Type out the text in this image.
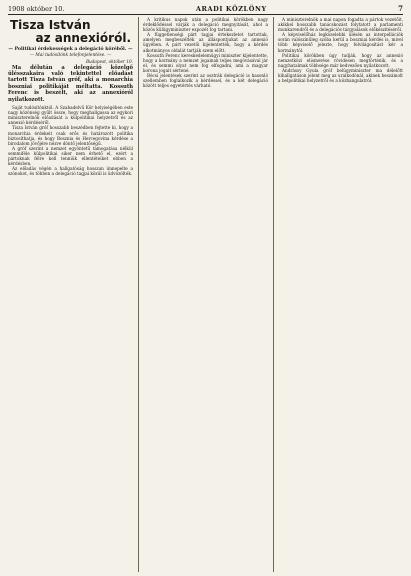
1908 október 10.	ARADI KÖZLÖNY	7
Tisza István
az annexióról.
— Politikai érdekességek a delegáció köréből. —
— Mai tudósítónk telefonjelentése. —
Budapest, október 10.

Ma délután a delegáció közelgő ülésszakaira való tekintettel előadást tartott Tisza István gróf, aki a monarchia boszniai politikáját méltatta. Kossuth Ferenc is beszélt, aki az annexióról nyilatkozott.

Saját tudósítónktól. A Szabadelvű Kör helyiségében este nagy közönség gyűlt össze, hogy meghallgassa az egykori miniszterelnök előadását a külpolitikai helyzetről és az annexió kérdéséről.

Tisza István gróf hosszabb beszédben fejtette ki, hogy a monarchia érdekeit csak erős és határozott politika biztosíthatja, és hogy Bosznia és Hercegovina kérdése a birodalom jövőjére nézve döntő jelentőségű.

A gróf szerint a nemzet egyöntetű támogatása nélkül semmiféle külpolitikai siker nem érhető el, ezért a pártoknak félre kell tenniük ellentéteiket ebben a kérdésben.

Az előadás végén a hallgatóság hosszan ünnepelte a szónokot, és többen a delegáció tagjai közül is üdvözölték.

A kritikus napok után a politikai körökben nagy érdeklődéssel várják a delegáció megnyitását, ahol a közös külügyminiszter expozét fog tartani.

A függetlenségi párt tagjai értekezletet tartottak, amelyen megbeszélték az álláspontjukat az annexió ügyében. A párt vezetői kijelentették, hogy a kérdés alkotmányos oldalát tartják szem előtt.

Kossuth Ferenc kereskedelemügyi miniszter kijelentette, hogy a kormány a nemzet jogainak teljes megóvásával jár el, és semmi olyat nem fog elfogadni, ami a magyar korona jogait sértené.

Bécsi jelentések szerint az osztrák delegáció is hasonló szellemben foglalkozik a kérdéssel, és a két delegáció között teljes egyetértés várható.

A miniszterelnök a mai napon fogadta a pártok vezetőit, akikkel hosszabb tanácskozást folytatott a parlamenti munkarendről és a delegációs tárgyalások előkészítéséről.

A képviselőház legközelebbi ülésén az interpellációk során valószínűleg szóba kerül a boszniai kérdés is, mivel több képviselő jelezte, hogy felvilágosítást kér a kormánytól.

Politikai körökben úgy tudják, hogy az annexió nemzetközi elismerése rövidesen megtörténik, és a nagyhatalmak többsége már kedvezően nyilatkozott.

Andrássy Gyula gróf belügyminiszter ma délelőtt kihallgatáson jelent meg az uralkodónál, akinek beszámolt a belpolitikai helyzetről és a közhangulatról.
